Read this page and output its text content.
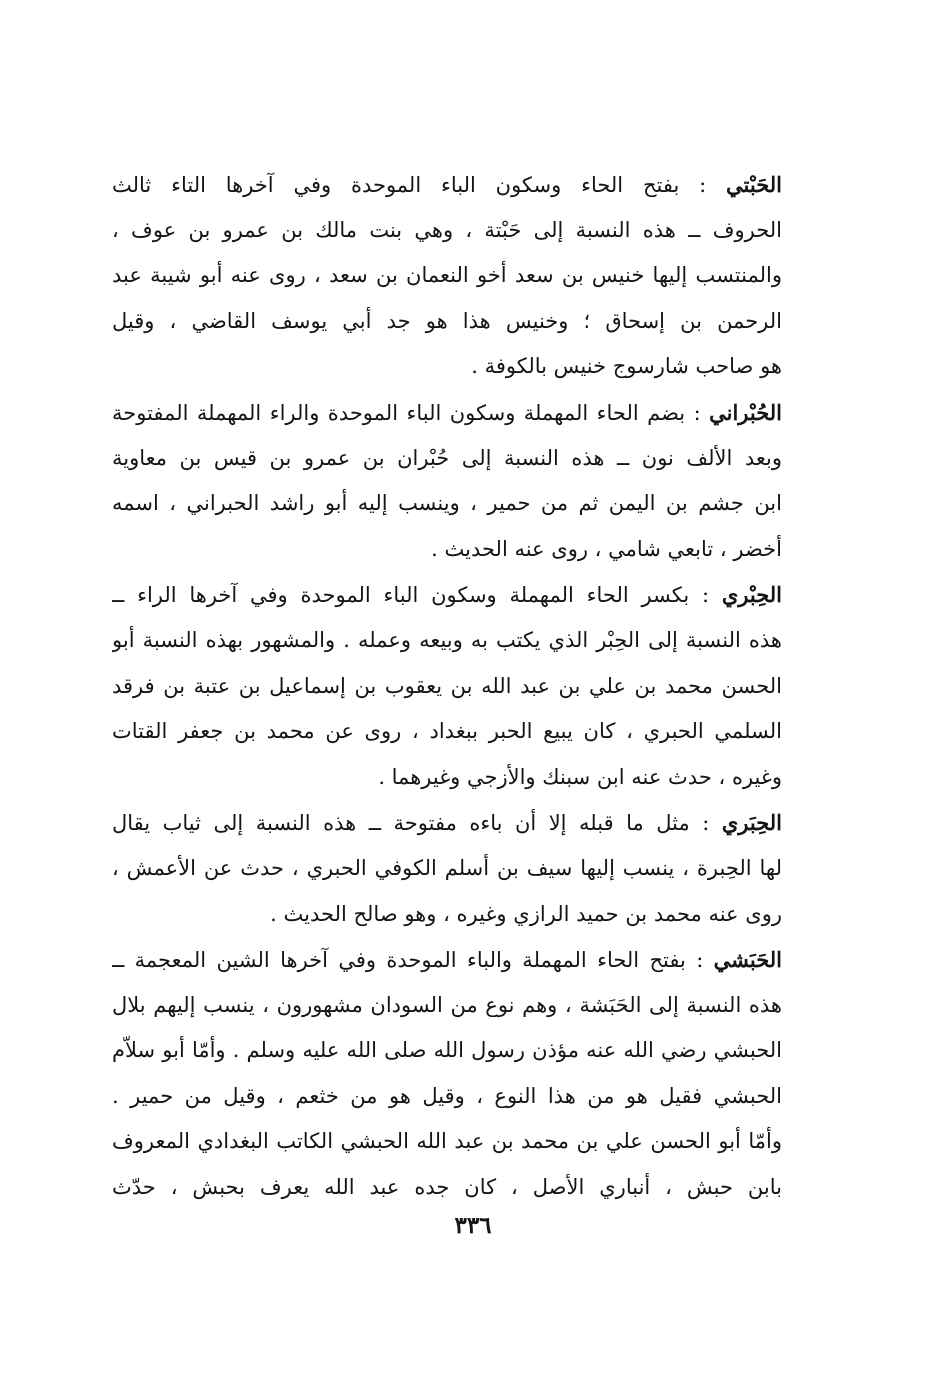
الحَبْتي : بفتح الحاء وسكون الباء الموحدة وفي آخرها التاء ثالث
الحروف ــ هذه النسبة إلى حَبْتة ، وهي بنت مالك بن عمرو بن عوف ،
والمنتسب إليها خنيس بن سعد أخو النعمان بن سعد ، روى عنه أبو شيبة عبد
الرحمن بن إسحاق ؛ وخنيس هذا هو جد أبي يوسف القاضي ، وقيل
هو صاحب شارسوج خنيس بالكوفة .
الحُبْراني : بضم الحاء المهملة وسكون الباء الموحدة والراء المهملة المفتوحة
وبعد الألف نون ــ هذه النسبة إلى حُبْران بن عمرو بن قيس بن معاوية
ابن جشم بن اليمن ثم من حمير ، وينسب إليه أبو راشد الحبراني ، اسمه
أخضر ، تابعي شامي ، روى عنه الحديث .
الحِبْري : بكسر الحاء المهملة وسكون الباء الموحدة وفي آخرها الراء ــ
هذه النسبة إلى الحِبْر الذي يكتب به وبيعه وعمله . والمشهور بهذه النسبة أبو
الحسن محمد بن علي بن عبد الله بن يعقوب بن إسماعيل بن عتبة بن فرقد
السلمي الحبري ، كان يبيع الحبر ببغداد ، روى عن محمد بن جعفر القتات
وغيره ، حدث عنه ابن سبنك والأزجي وغيرهما .
الحِبَري : مثل ما قبله إلا أن باءه مفتوحة ــ هذه النسبة إلى ثياب يقال
لها الحِبرة ، ينسب إليها سيف بن أسلم الكوفي الحبري ، حدث عن الأعمش ،
روى عنه محمد بن حميد الرازي وغيره ، وهو صالح الحديث .
الحَبَشي : بفتح الحاء المهملة والباء الموحدة وفي آخرها الشين المعجمة ــ
هذه النسبة إلى الحَبَشة ، وهم نوع من السودان مشهورون ، ينسب إليهم بلال
الحبشي رضي الله عنه مؤذن رسول الله صلى الله عليه وسلم . وأمّا أبو سلاّم
الحبشي فقيل هو من هذا النوع ، وقيل هو من خثعم ، وقيل من حمير .
وأمّا أبو الحسن علي بن محمد بن عبد الله الحبشي الكاتب البغدادي المعروف
بابن حبش ، أنباري الأصل ، كان جده عبد الله يعرف بحبش ، حدّث
٣٣٦
